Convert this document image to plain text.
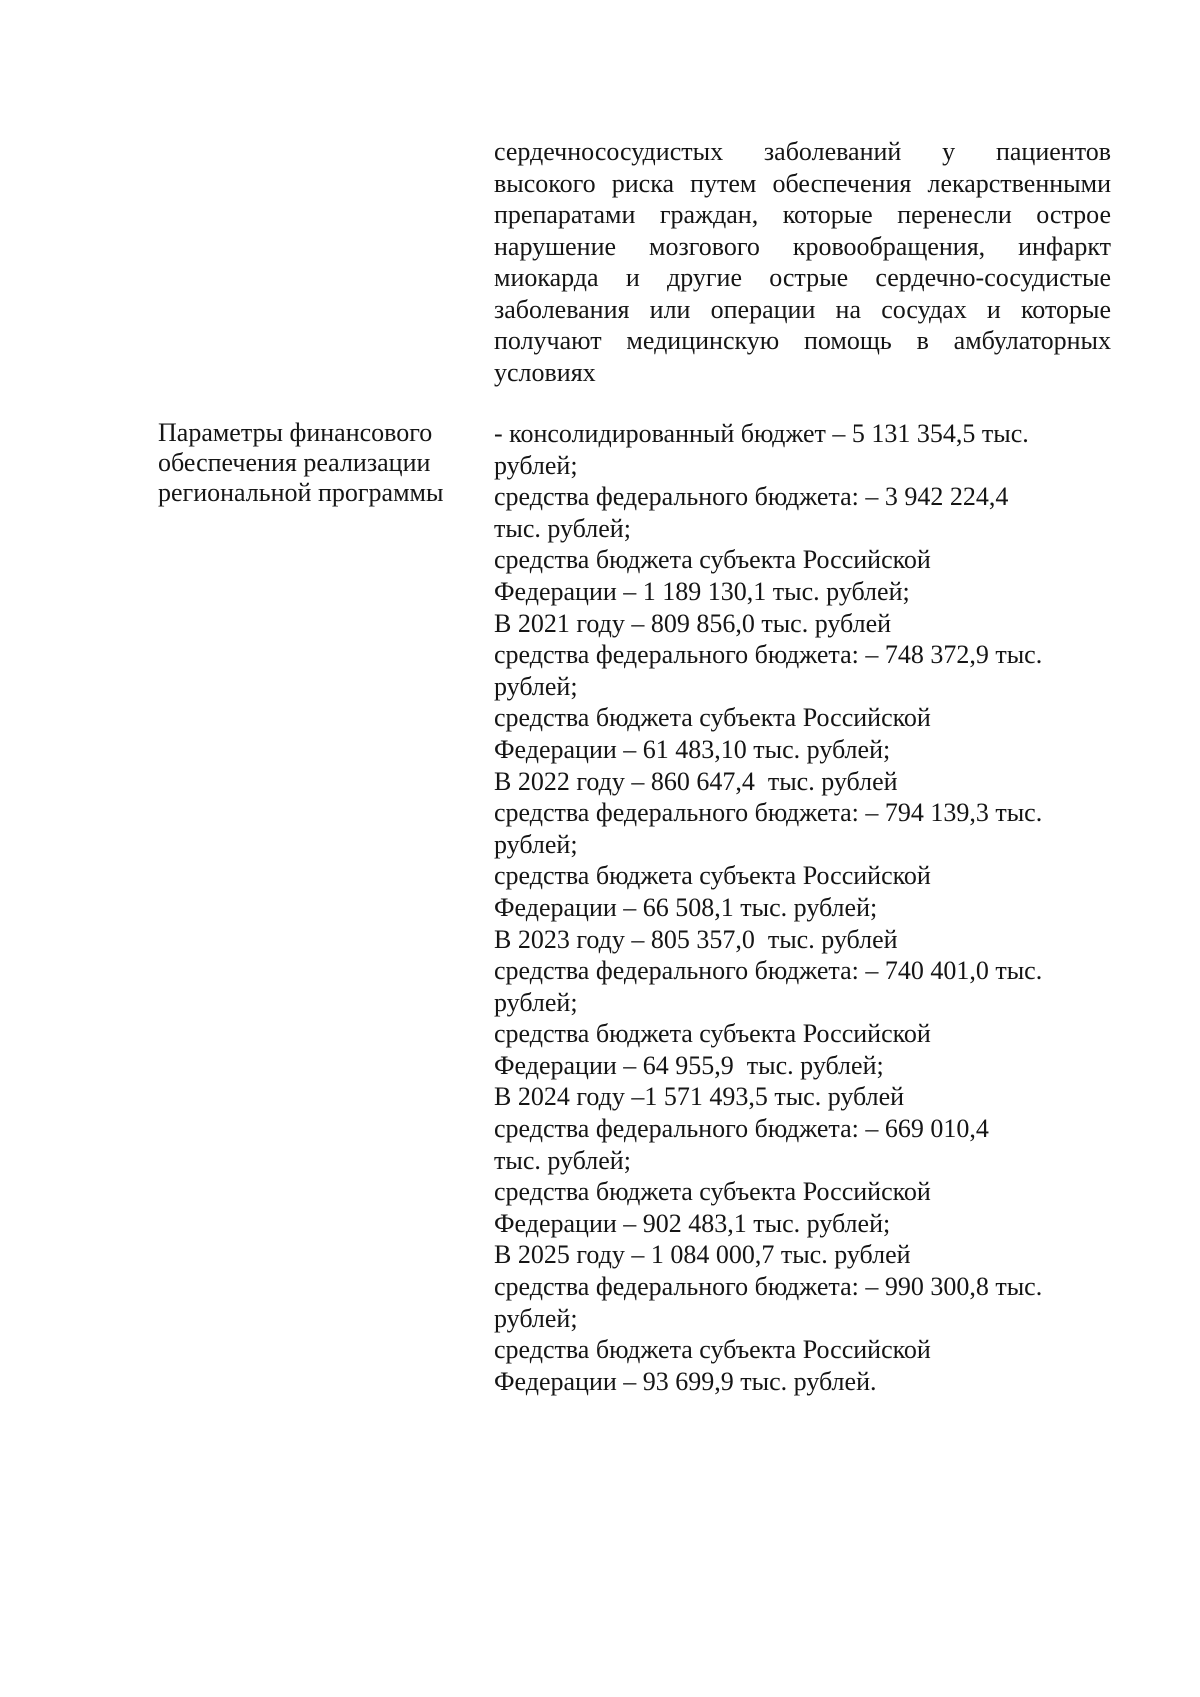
сердечнососудистых заболеваний у пациентов высокого риска путем обеспечения лекарственными препаратами граждан, которые перенесли острое нарушение мозгового кровообращения, инфаркт миокарда и другие острые сердечно-сосудистые заболевания или операции на сосудах и которые получают медицинскую помощь в амбулаторных условиях
Параметры финансового обеспечения реализации региональной программы
- консолидированный бюджет – 5 131 354,5 тыс.
рублей;
средства федерального бюджета: – 3 942 224,4
тыс. рублей;
средства бюджета субъекта Российской
Федерации – 1 189 130,1 тыс. рублей;
В 2021 году – 809 856,0 тыс. рублей
средства федерального бюджета: – 748 372,9 тыс.
рублей;
средства бюджета субъекта Российской
Федерации – 61 483,10 тыс. рублей;
В 2022 году – 860 647,4  тыс. рублей
средства федерального бюджета: – 794 139,3 тыс.
рублей;
средства бюджета субъекта Российской
Федерации – 66 508,1 тыс. рублей;
В 2023 году – 805 357,0  тыс. рублей
средства федерального бюджета: – 740 401,0 тыс.
рублей;
средства бюджета субъекта Российской
Федерации – 64 955,9  тыс. рублей;
В 2024 году –1 571 493,5 тыс. рублей
средства федерального бюджета: – 669 010,4
тыс. рублей;
средства бюджета субъекта Российской
Федерации – 902 483,1 тыс. рублей;
В 2025 году – 1 084 000,7 тыс. рублей
средства федерального бюджета: – 990 300,8 тыс.
рублей;
средства бюджета субъекта Российской
Федерации – 93 699,9 тыс. рублей.
